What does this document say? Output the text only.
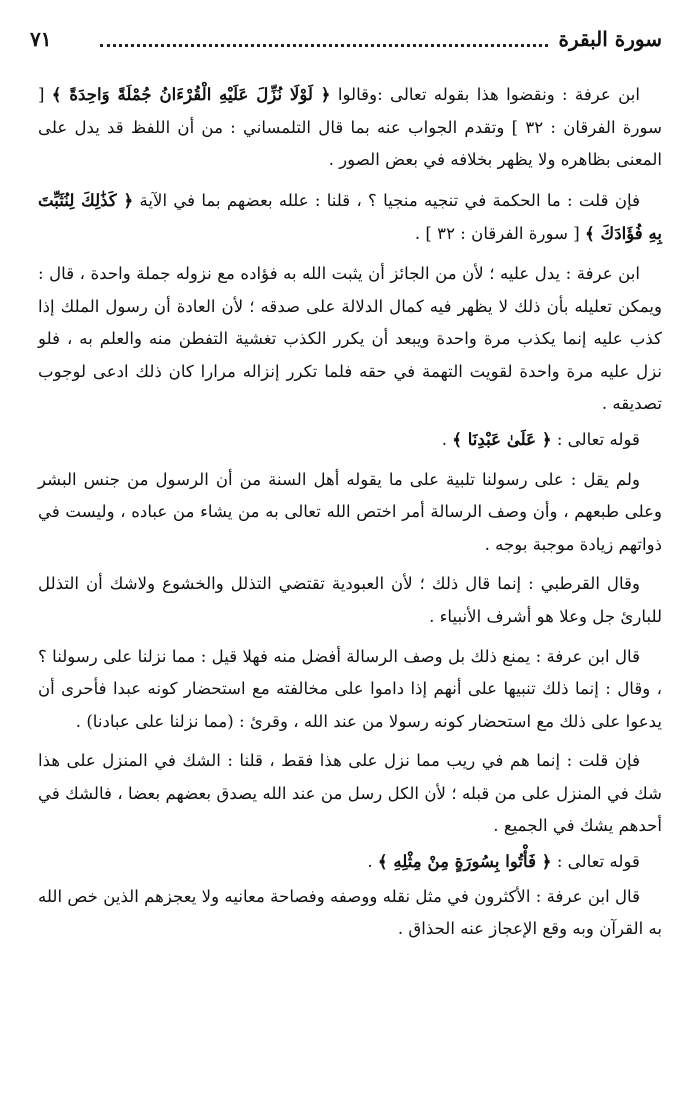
٧١	سورة البقرة

ابن عرفة : ونقضوا هذا بقوله تعالى :وقالوا ﴿ لَوْلَا نُزِّلَ عَلَيْهِ الْقُرْءَانُ جُمْلَةً وَاحِدَةً ﴾ [ سورة الفرقان : ٣٢ ] وتقدم الجواب عنه بما قال التلمساني : من أن اللفظ قد يدل على المعنى بظاهره ولا يظهر بخلافه في بعض الصور .

فإن قلت : ما الحكمة في تنجيه منجيا ؟ ، قلنا : علله بعضهم بما في الآية ﴿ كَذَٰلِكَ لِنُثَبِّتَ بِهِ فُؤَادَكَ ﴾ [ سورة الفرقان : ٣٢ ] .

ابن عرفة : يدل عليه ؛ لأن من الجائز أن يثبت الله به فؤاده مع نزوله جملة واحدة ، قال : ويمكن تعليله بأن ذلك لا يظهر فيه كمال الدلالة على صدقه ؛ لأن العادة أن رسول الملك إذا كذب عليه إنما يكذب مرة واحدة ويبعد أن يكرر الكذب تغشية التفطن منه والعلم به ، فلو نزل عليه مرة واحدة لقويت التهمة في حقه فلما تكرر إنزاله مرارا كان ذلك ادعى لوجوب تصديقه .

قوله تعالى : ﴿ عَلَىٰ عَبْدِنَا ﴾ .

ولم يقل : على رسولنا تلبية على ما يقوله أهل السنة من أن الرسول من جنس البشر وعلى طبعهم ، وأن وصف الرسالة أمر اختص الله تعالى به من يشاء من عباده ، وليست في ذواتهم زيادة موجبة بوجه .

وقال القرطبي : إنما قال ذلك ؛ لأن العبودية تقتضي التذلل والخشوع ولاشك أن التذلل للبارئ جل وعلا هو أشرف الأنبياء .

قال ابن عرفة : يمنع ذلك بل وصف الرسالة أفضل منه فهلا قيل : مما نزلنا على رسولنا ؟ ، وقال : إنما ذلك تنبيها على أنهم إذا داموا على مخالفته مع استحضار كونه عبدا فأحرى أن يدعوا على ذلك مع استحضار كونه رسولا من عند الله ، وقرئ : (مما نزلنا على عبادنا) .

فإن قلت : إنما هم في ريب مما نزل على هذا فقط ، قلنا : الشك في المنزل على هذا شك في المنزل على من قبله ؛ لأن الكل رسل من عند الله يصدق بعضهم بعضا ، فالشك في أحدهم يشك في الجميع .

قوله تعالى : ﴿ فَأْتُوا بِسُورَةٍ مِنْ مِثْلِهِ ﴾ .

قال ابن عرفة : الأكثرون في مثل نقله ووصفه وفصاحة معانيه ولا يعجزهم الذين خص الله به القرآن وبه وقع الإعجاز عنه الحذاق .
